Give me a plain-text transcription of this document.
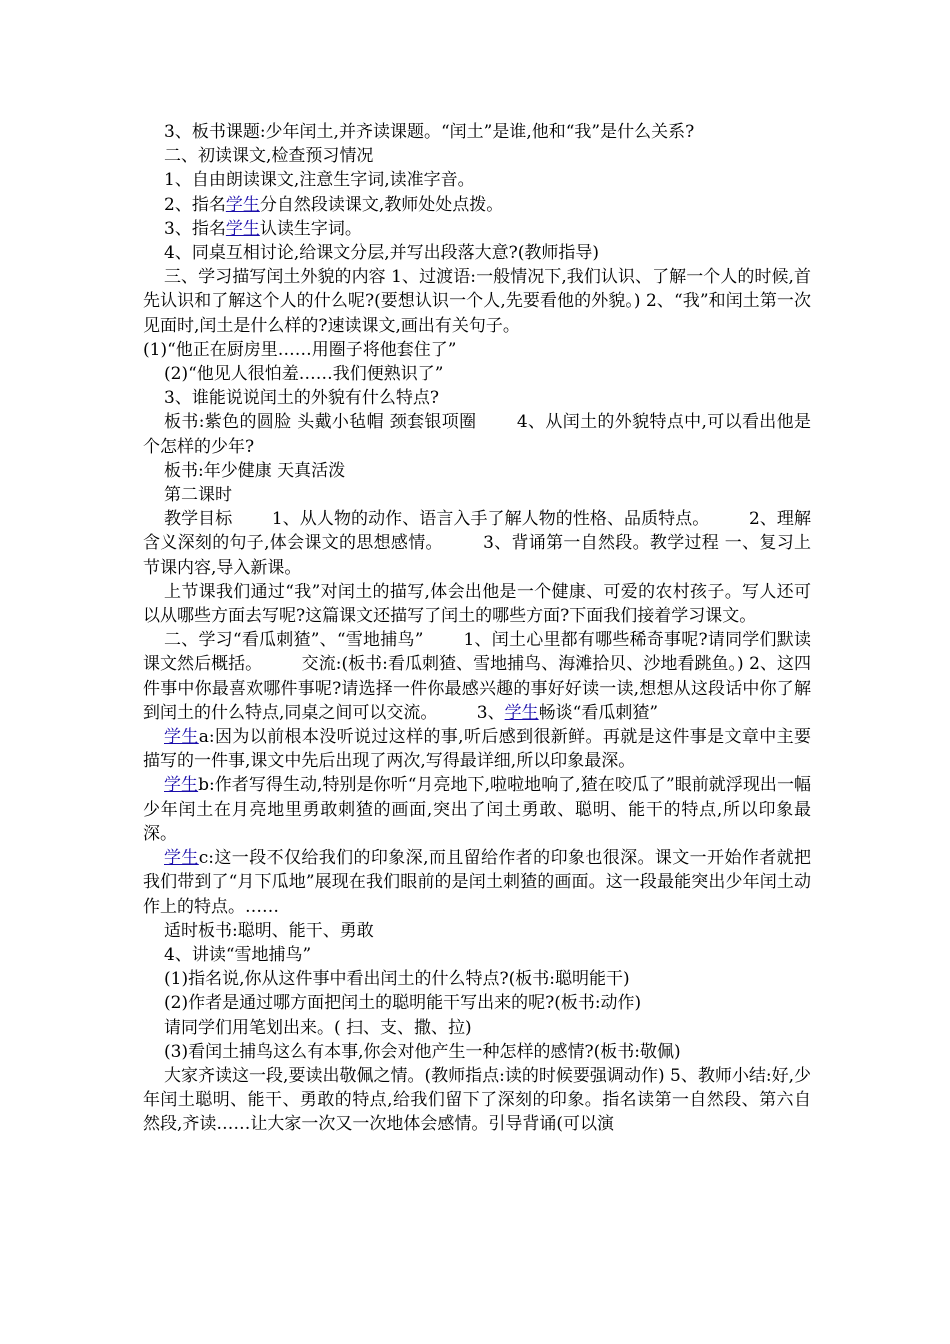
3、板书课题:少年闰土,并齐读课题。“闰土”是谁,他和“我”是什么关系?

二、初读课文,检查预习情况

1、自由朗读课文,注意生字词,读准字音。

2、指名学生分自然段读课文,教师处处点拨。

3、指名学生认读生字词。

4、同桌互相讨论,给课文分层,并写出段落大意?(教师指导)

三、学习描写闰土外貌的内容 1、过渡语:一般情况下,我们认识、了解一个人的时候,首先认识和了解这个人的什么呢?(要想认识一个人,先要看他的外貌。) 2、“我”和闰土第一次见面时,闰土是什么样的?速读课文,画出有关句子。

(1)“他正在厨房里……用圈子将他套住了”

(2)“他见人很怕羞……我们便熟识了”

3、谁能说说闰土的外貌有什么特点?

板书:紫色的圆脸 头戴小毡帽 颈套银项圈 　　4、从闰土的外貌特点中,可以看出他是个怎样的少年?

板书:年少健康 天真活泼

第二课时

教学目标 　　1、从人物的动作、语言入手了解人物的性格、品质特点。 　　2、理解含义深刻的句子,体会课文的思想感情。 　　3、背诵第一自然段。教学过程 一、复习上节课内容,导入新课。

上节课我们通过“我”对闰土的描写,体会出他是一个健康、可爱的农村孩子。写人还可以从哪些方面去写呢?这篇课文还描写了闰土的哪些方面?下面我们接着学习课文。

二、学习“看瓜刺猹”、“雪地捕鸟” 　　1、闰土心里都有哪些稀奇事呢?请同学们默读课文然后概括。 　　交流:(板书:看瓜刺猹、雪地捕鸟、海滩拾贝、沙地看跳鱼。) 2、这四件事中你最喜欢哪件事呢?请选择一件你最感兴趣的事好好读一读,想想从这段话中你了解到闰土的什么特点,同桌之间可以交流。 　　3、学生畅谈“看瓜刺猹”

学生a:因为以前根本没听说过这样的事,听后感到很新鲜。再就是这件事是文章中主要描写的一件事,课文中先后出现了两次,写得最详细,所以印象最深。

学生b:作者写得生动,特别是你听“月亮地下,啦啦地响了,猹在咬瓜了”眼前就浮现出一幅少年闰土在月亮地里勇敢刺猹的画面,突出了闰土勇敢、聪明、能干的特点,所以印象最深。

学生c:这一段不仅给我们的印象深,而且留给作者的印象也很深。课文一开始作者就把我们带到了“月下瓜地”展现在我们眼前的是闰土刺猹的画面。这一段最能突出少年闰土动作上的特点。……

适时板书:聪明、能干、勇敢

4、讲读“雪地捕鸟”

(1)指名说,你从这件事中看出闰土的什么特点?(板书:聪明能干)

(2)作者是通过哪方面把闰土的聪明能干写出来的呢?(板书:动作)

请同学们用笔划出来。( 扫、支、撒、拉)

(3)看闰土捕鸟这么有本事,你会对他产生一种怎样的感情?(板书:敬佩)

大家齐读这一段,要读出敬佩之情。(教师指点:读的时候要强调动作) 5、教师小结:好,少年闰土聪明、能干、勇敢的特点,给我们留下了深刻的印象。指名读第一自然段、第六自然段,齐读……让大家一次又一次地体会感情。引导背诵(可以演
